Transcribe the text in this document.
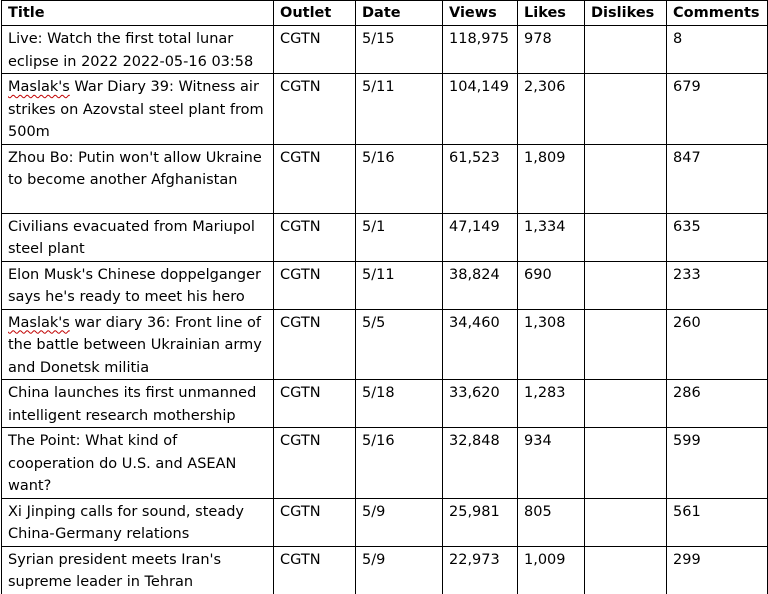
Title	Outlet	Date	Views	Likes	Dislikes	Comments
Live: Watch the first total lunar eclipse in 2022 2022-05-16 03:58	CGTN	5/15	118,975	978		8
Maslak's War Diary 39: Witness air strikes on Azovstal steel plant from 500m	CGTN	5/11	104,149	2,306		679
Zhou Bo: Putin won't allow Ukraine to become another Afghanistan	CGTN	5/16	61,523	1,809		847
Civilians evacuated from Mariupol steel plant	CGTN	5/1	47,149	1,334		635
Elon Musk's Chinese doppelganger says he's ready to meet his hero	CGTN	5/11	38,824	690		233
Maslak's war diary 36: Front line of the battle between Ukrainian army and Donetsk militia	CGTN	5/5	34,460	1,308		260
China launches its first unmanned intelligent research mothership	CGTN	5/18	33,620	1,283		286
The Point: What kind of cooperation do U.S. and ASEAN want?	CGTN	5/16	32,848	934		599
Xi Jinping calls for sound, steady China-Germany relations	CGTN	5/9	25,981	805		561
Syrian president meets Iran's supreme leader in Tehran	CGTN	5/9	22,973	1,009		299
